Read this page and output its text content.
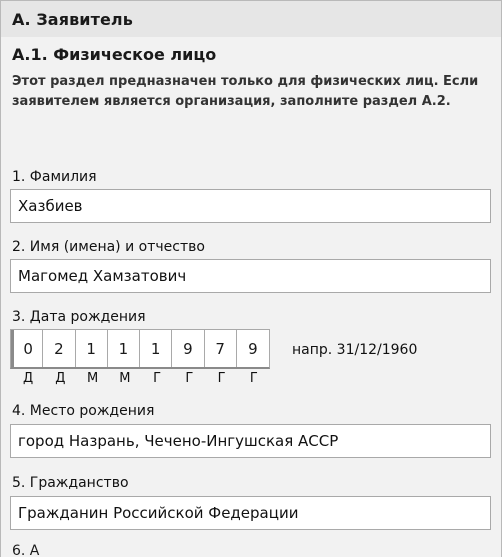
А. Заявитель
А.1. Физическое лицо
Этот раздел предназначен только для физических лиц. Если заявителем является организация, заполните раздел А.2.
1. Фамилия
Хазбиев
2. Имя (имена) и отчество
Магомед Хамзатович
3. Дата рождения
0	2	1	1	1	9	7	9	напр. 31/12/1960
Д	Д	М	М	Г	Г	Г	Г
4. Место рождения
город Назрань, Чечено-Ингушская АССР
5. Гражданство
Гражданин Российской Федерации
6. А
